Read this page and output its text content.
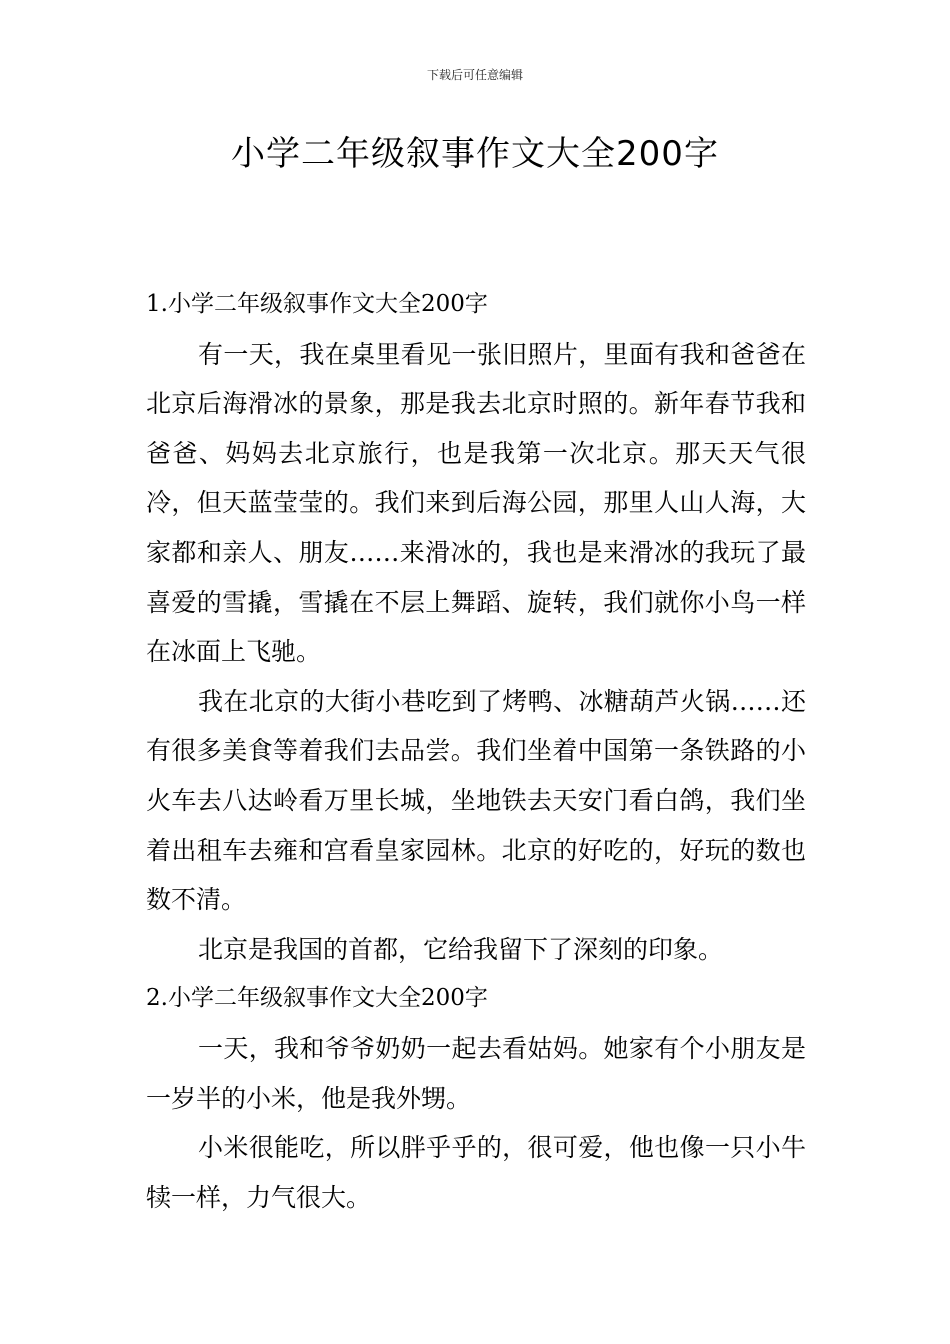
下载后可任意编辑
小学二年级叙事作文大全200字

1.小学二年级叙事作文大全200字

有一天，我在桌里看见一张旧照片，里面有我和爸爸在北京后海滑冰的景象，那是我去北京时照的。新年春节我和爸爸、妈妈去北京旅行，也是我第一次北京。那天天气很冷，但天蓝莹莹的。我们来到后海公园，那里人山人海，大家都和亲人、朋友……来滑冰的，我也是来滑冰的我玩了最喜爱的雪撬，雪撬在不层上舞蹈、旋转，我们就你小鸟一样在冰面上飞驰。

我在北京的大街小巷吃到了烤鸭、冰糖葫芦火锅……还有很多美食等着我们去品尝。我们坐着中国第一条铁路的小火车去八达岭看万里长城，坐地铁去天安门看白鸽，我们坐着出租车去雍和宫看皇家园林。北京的好吃的，好玩的数也数不清。

北京是我国的首都，它给我留下了深刻的印象。

2.小学二年级叙事作文大全200字

一天，我和爷爷奶奶一起去看姑妈。她家有个小朋友是一岁半的小米，他是我外甥。

小米很能吃，所以胖乎乎的，很可爱，他也像一只小牛犊一样，力气很大。
